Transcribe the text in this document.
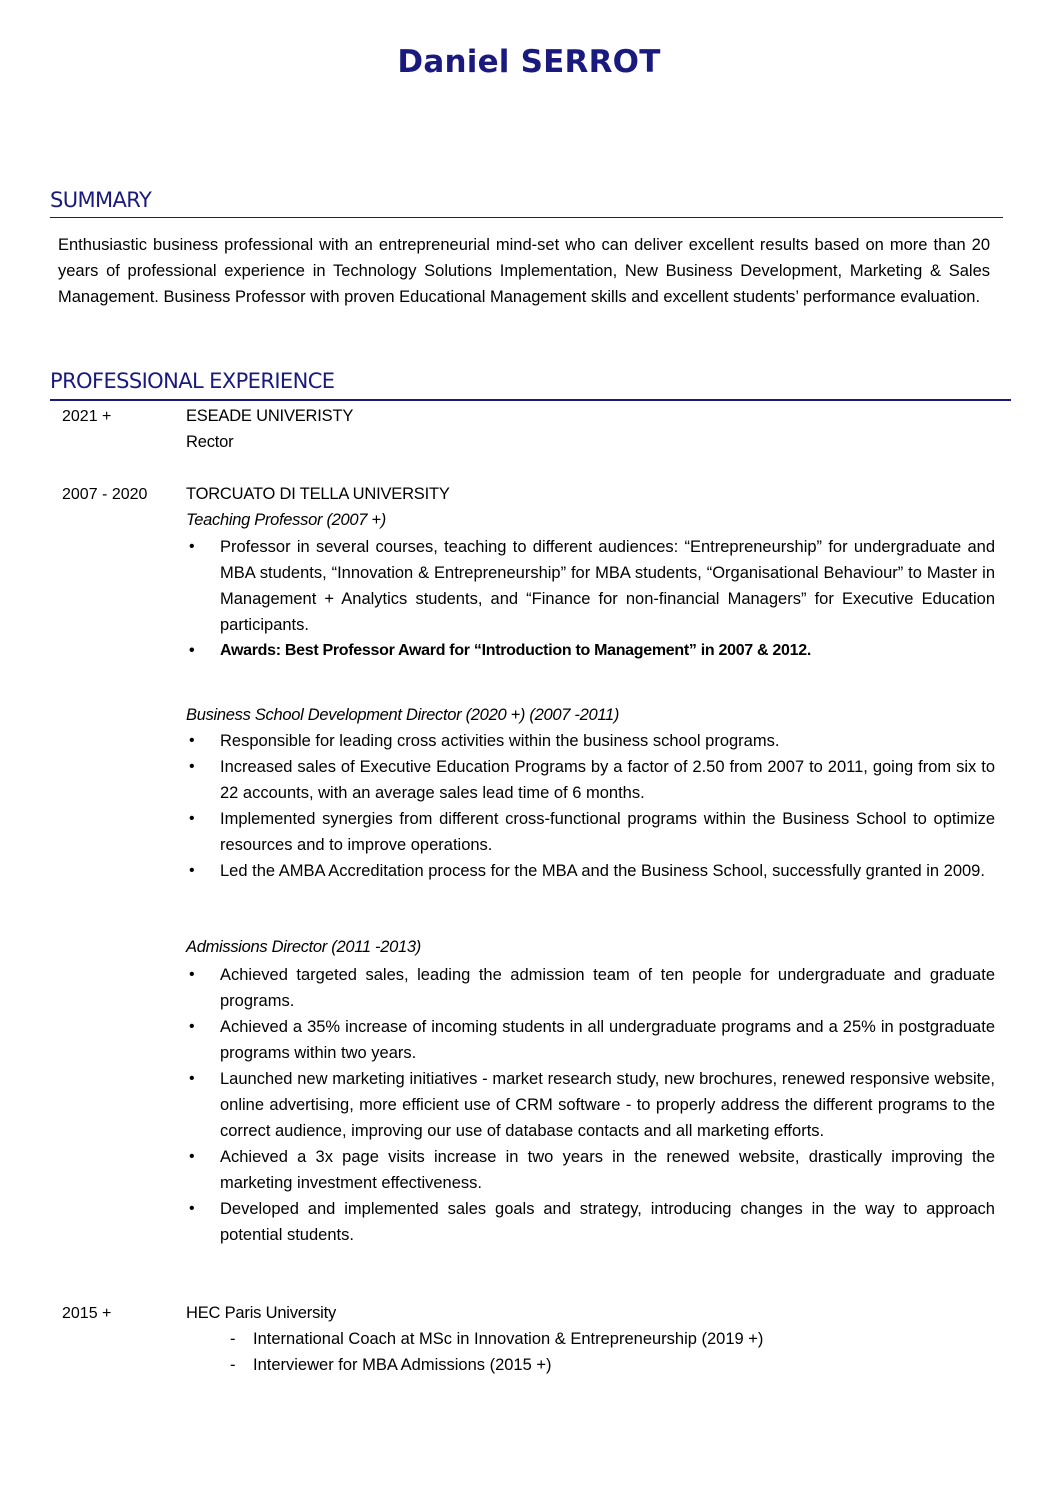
Daniel SERROT
SUMMARY

Enthusiastic business professional with an entrepreneurial mind-set who can deliver excellent results based on more than 20 years of professional experience in Technology Solutions Implementation, New Business Development, Marketing & Sales Management. Business Professor with proven Educational Management skills and excellent students’ performance evaluation.

PROFESSIONAL EXPERIENCE
2021 +	ESEADE UNIVERISTY
Rector
2007 - 2020 TORCUATO DI TELLA UNIVERSITY
Teaching Professor (2007 +)
• Professor in several courses, teaching to different audiences: “Entrepreneurship” for undergraduate and MBA students, “Innovation & Entrepreneurship” for MBA students, “Organisational Behaviour” to Master in Management + Analytics students, and “Finance for non-financial Managers” for Executive Education participants.
• Awards: Best Professor Award for “Introduction to Management” in 2007 & 2012.
Business School Development Director (2020 +) (2007 -2011)
• Responsible for leading cross activities within the business school programs.
• Increased sales of Executive Education Programs by a factor of 2.50 from 2007 to 2011, going from six to 22 accounts, with an average sales lead time of 6 months.
• Implemented synergies from different cross-functional programs within the Business School to optimize resources and to improve operations.
• Led the AMBA Accreditation process for the MBA and the Business School, successfully granted in 2009.
Admissions Director (2011 -2013)
• Achieved targeted sales, leading the admission team of ten people for undergraduate and graduate programs.
• Achieved a 35% increase of incoming students in all undergraduate programs and a 25% in postgraduate programs within two years.
• Launched new marketing initiatives - market research study, new brochures, renewed responsive website, online advertising, more efficient use of CRM software - to properly address the different programs to the correct audience, improving our use of database contacts and all marketing efforts.
• Achieved a 3x page visits increase in two years in the renewed website, drastically improving the marketing investment effectiveness.
• Developed and implemented sales goals and strategy, introducing changes in the way to approach potential students.
2015 +	HEC Paris University
- International Coach at MSc in Innovation & Entrepreneurship (2019 +)
- Interviewer for MBA Admissions (2015 +)
